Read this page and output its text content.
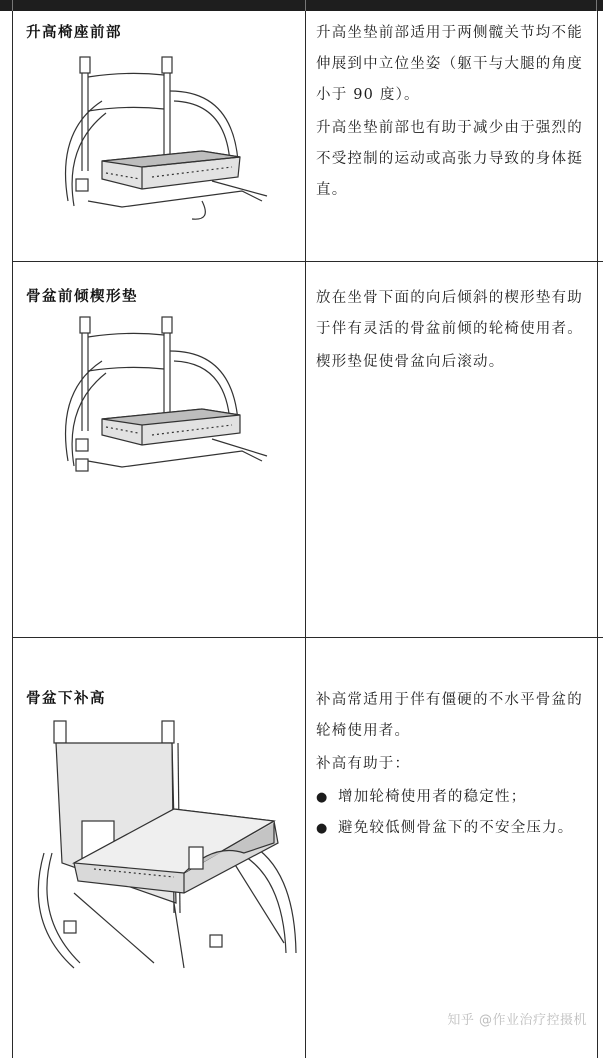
升高椅座前部	升高坐垫前部适用于两侧髋关节均不能伸展到中立位坐姿（躯干与大腿的角度小于 90 度）。

升高坐垫前部也有助于减少由于强烈的不受控制的运动或高张力导致的身体挺直。

骨盆前倾楔形垫	放在坐骨下面的向后倾斜的楔形垫有助于伴有灵活的骨盆前倾的轮椅使用者。

楔形垫促使骨盆向后滚动。

骨盆下补高	补高常适用于伴有僵硬的不水平骨盆的轮椅使用者。

补高有助于：

● 增加轮椅使用者的稳定性；
● 避免较低侧骨盆下的不安全压力。
知乎 @作业治疗控摄机
